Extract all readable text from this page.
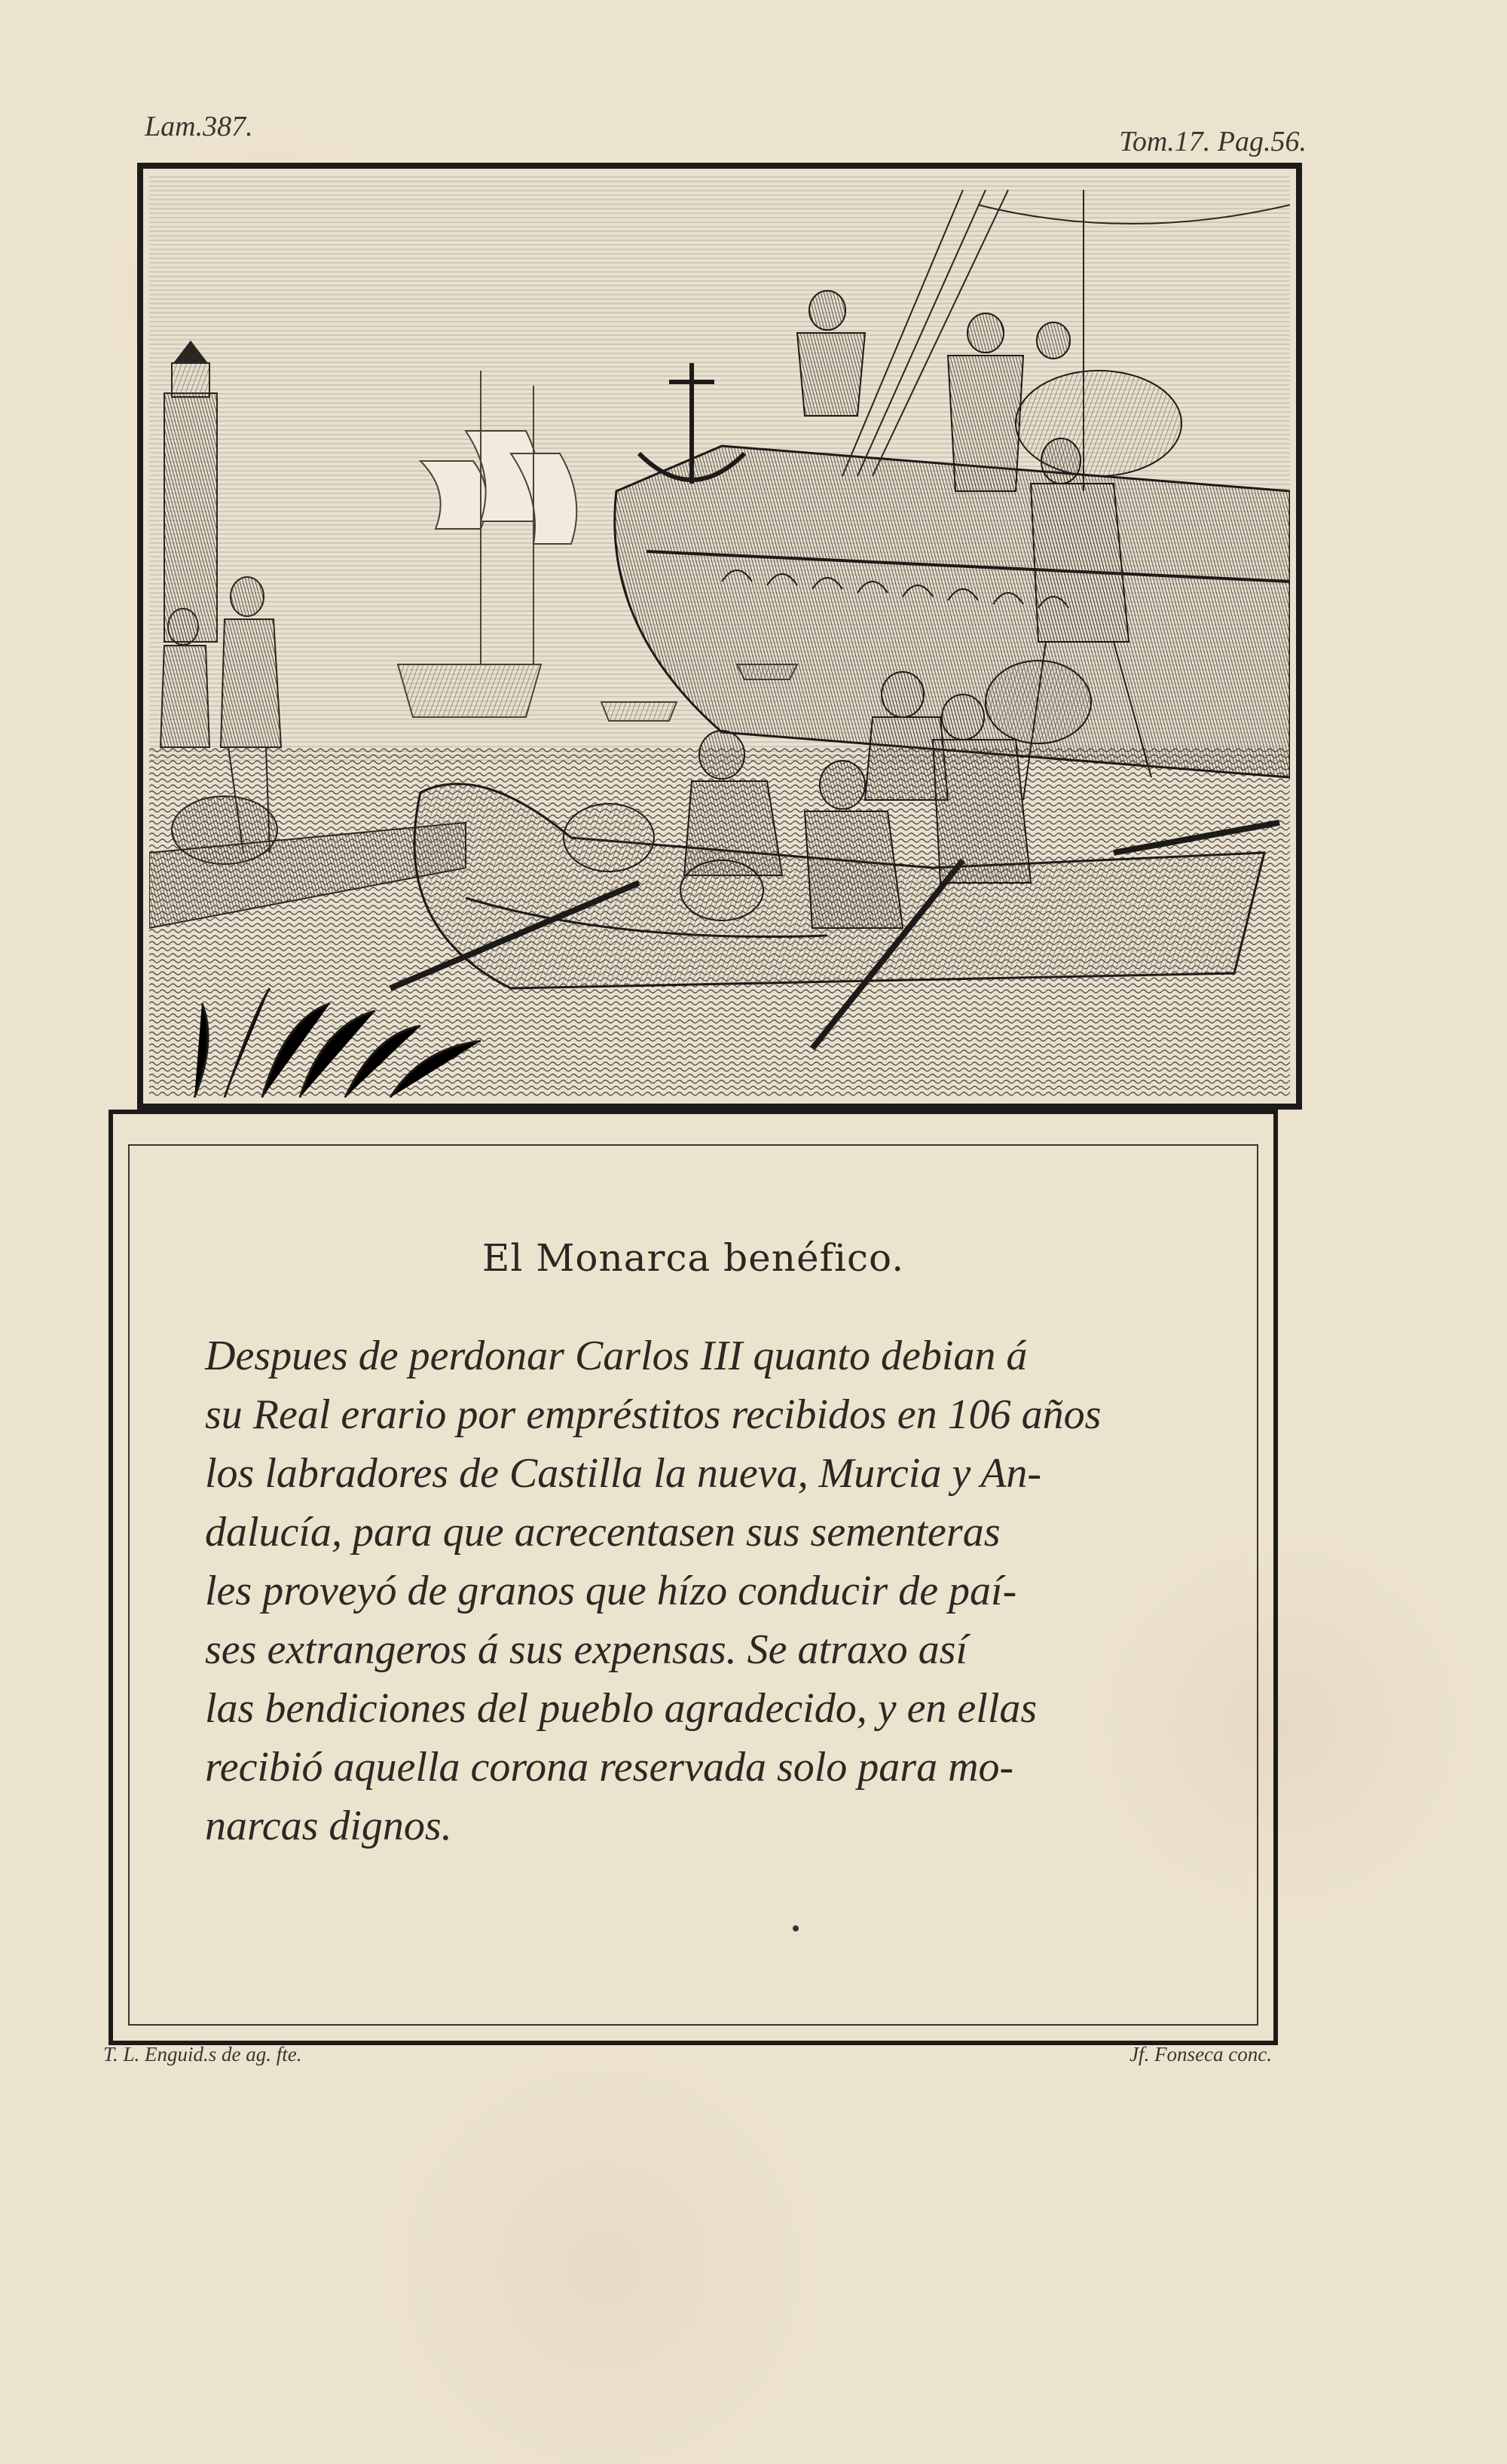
Lam.387.	Tom.17. Pag.56.
El Monarca benéfico.
Despues de perdonar Carlos III quanto debian á
su Real erario por empréstitos recibidos en 106 años
los labradores de Castilla la nueva, Murcia y An-
dalucía, para que acrecentasen sus sementeras
les proveyó de granos que hízo conducir de paí-
ses extrangeros á sus expensas. Se atraxo así
las bendiciones del pueblo agradecido, y en ellas
recibió aquella corona reservada solo para mo-
narcas dignos.
T. L. Enguid.s de ag. fte.	Jf. Fonseca conc.
